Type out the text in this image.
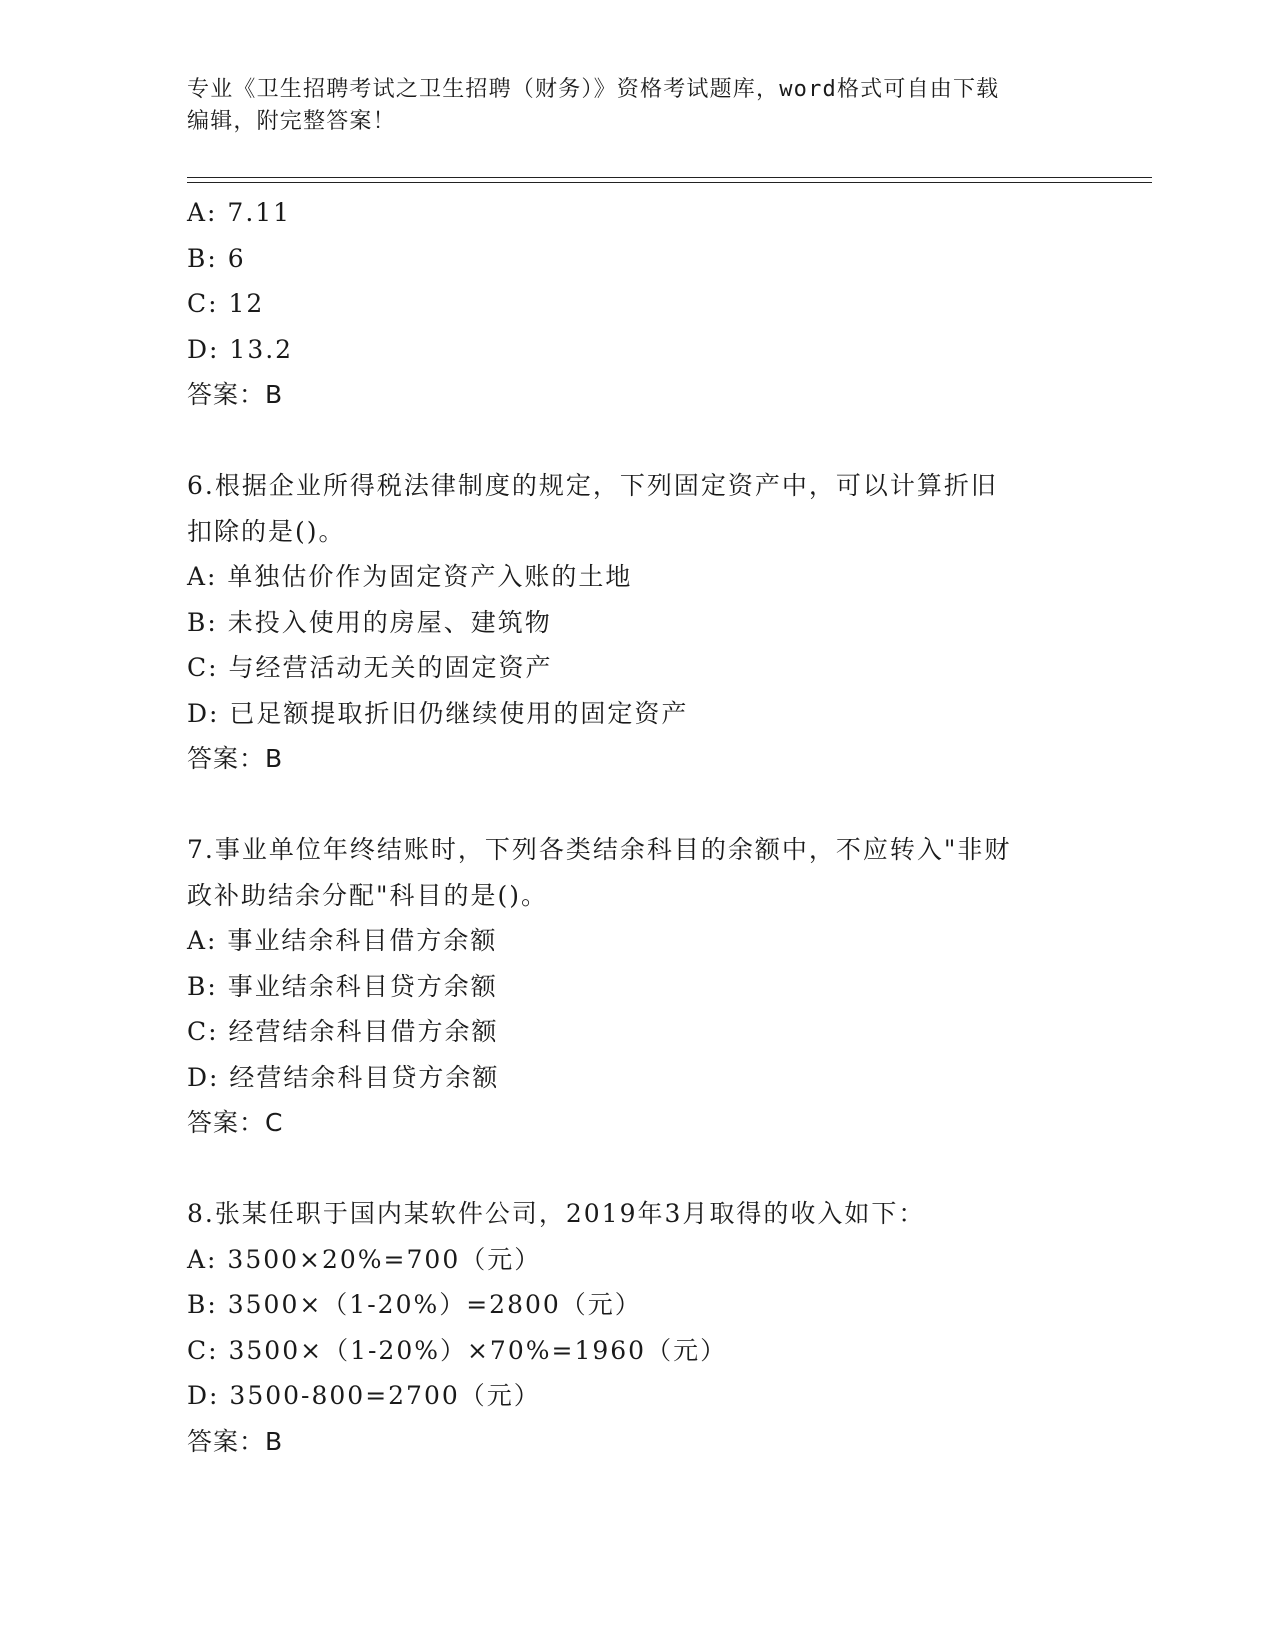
专业《卫生招聘考试之卫生招聘（财务）》资格考试题库，word格式可自由下载
编辑，附完整答案！
A: 7.11
B: 6
C: 12
D: 13.2
答案：B
6.根据企业所得税法律制度的规定，下列固定资产中，可以计算折旧
扣除的是()。
A: 单独估价作为固定资产入账的土地
B: 未投入使用的房屋、建筑物
C: 与经营活动无关的固定资产
D: 已足额提取折旧仍继续使用的固定资产
答案：B
7.事业单位年终结账时，下列各类结余科目的余额中，不应转入"非财
政补助结余分配"科目的是()。
A: 事业结余科目借方余额
B: 事业结余科目贷方余额
C: 经营结余科目借方余额
D: 经营结余科目贷方余额
答案：C
8.张某任职于国内某软件公司，2019年3月取得的收入如下：
A: 3500×20%=700（元）
B: 3500×（1-20%）=2800（元）
C: 3500×（1-20%）×70%=1960（元）
D: 3500-800=2700（元）
答案：B
